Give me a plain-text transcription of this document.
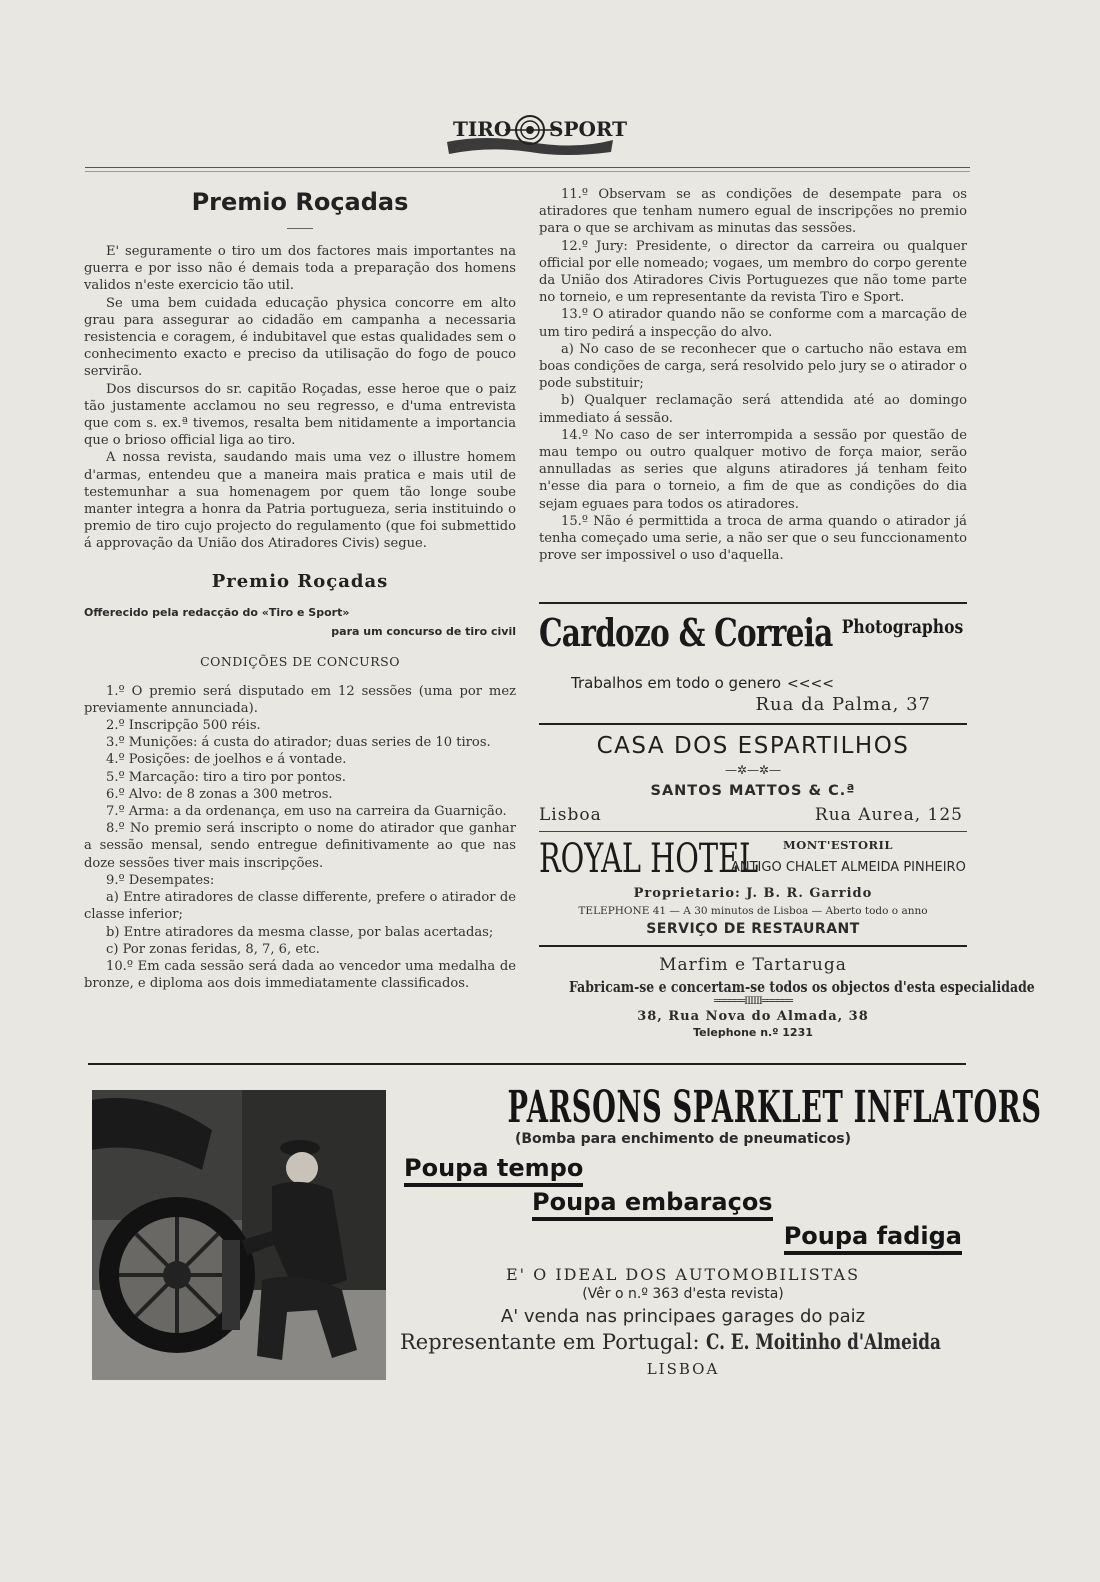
TIRO SPORT
Premio Roçadas

E' seguramente o tiro um dos factores mais importantes na guerra e por isso não é demais toda a preparação dos homens validos n'este exercicio tão util.

Se uma bem cuidada educação physica concorre em alto grau para assegurar ao cidadão em campanha a necessaria resistencia e coragem, é indubitavel que estas qualidades sem o conhecimento exacto e preciso da utilisação do fogo de pouco servirão.

Dos discursos do sr. capitão Roçadas, esse heroe que o paiz tão justamente acclamou no seu regresso, e d'uma entrevista que com s. ex.ª tivemos, resalta bem nitidamente a importancia que o brioso official liga ao tiro.

A nossa revista, saudando mais uma vez o illustre homem d'armas, entendeu que a maneira mais pratica e mais util de testemunhar a sua homenagem por quem tão longe soube manter integra a honra da Patria portugueza, seria instituindo o premio de tiro cujo projecto do regulamento (que foi submettido á approvação da União dos Atiradores Civis) segue.

Premio Roçadas

Offerecido pela redacção do «Tiro e Sport»

para um concurso de tiro civil

CONDIÇÕES DE CONCURSO

1.º O premio será disputado em 12 sessões (uma por mez previamente annunciada).

2.º Inscripção 500 réis.

3.º Munições: á custa do atirador; duas series de 10 tiros.

4.º Posições: de joelhos e á vontade.

5.º Marcação: tiro a tiro por pontos.

6.º Alvo: de 8 zonas a 300 metros.

7.º Arma: a da ordenança, em uso na carreira da Guarnição.

8.º No premio será inscripto o nome do atirador que ganhar a sessão mensal, sendo entregue definitivamente ao que nas doze sessões tiver mais inscripções.

9.º Desempates:

a) Entre atiradores de classe differente, prefere o atirador de classe inferior;

b) Entre atiradores da mesma classe, por balas acertadas;

c) Por zonas feridas, 8, 7, 6, etc.

10.º Em cada sessão será dada ao vencedor uma medalha de bronze, e diploma aos dois immediatamente classificados.

11.º Observam se as condições de desempate para os atiradores que tenham numero egual de inscripções no premio para o que se archivam as minutas das sessões.

12.º Jury: Presidente, o director da carreira ou qualquer official por elle nomeado; vogaes, um membro do corpo gerente da União dos Atiradores Civis Portuguezes que não tome parte no torneio, e um representante da revista Tiro e Sport.

13.º O atirador quando não se conforme com a marcação de um tiro pedirá a inspecção do alvo.

a) No caso de se reconhecer que o cartucho não estava em boas condições de carga, será resolvido pelo jury se o atirador o pode substituir;

b) Qualquer reclamação será attendida até ao domingo immediato á sessão.

14.º No caso de ser interrompida a sessão por questão de mau tempo ou outro qualquer motivo de força maior, serão annulladas as series que alguns atiradores já tenham feito n'esse dia para o torneio, a fim de que as condições do dia sejam eguaes para todos os atiradores.

15.º Não é permittida a troca de arma quando o atirador já tenha começado uma serie, a não ser que o seu funccionamento prove ser impossivel o uso d'aquella.

Cardozo & Correia Photographos

Trabalhos em todo o genero <<<<

Rua da Palma, 37

CASA DOS ESPARTILHOS

—✲—✲—

SANTOS MATTOS & C.ª

Lisboa	Rua Aurea, 125
ROYAL HOTEL MONT'ESTORIL
ANTIGO CHALET ALMEIDA PINHEIRO

Proprietario: J. B. R. Garrido

TELEPHONE 41 — A 30 minutos de Lisboa — Aberto todo o anno

SERVIÇO DE RESTAURANT

Marfim e Tartaruga

Fabricam-se e concertam-se todos os objectos d'esta especialidade

══════IIIIII══════

38, Rua Nova do Almada, 38

Telephone n.º 1231

PARSONS SPARKLET INFLATORS

(Bomba para enchimento de pneumaticos)

Poupa tempo

Poupa embaraços

Poupa fadiga

E' O IDEAL DOS AUTOMOBILISTAS

(Vêr o n.º 363 d'esta revista)

A' venda nas principaes garages do paiz

Representante em Portugal: C. E. Moitinho d'Almeida

LISBOA
